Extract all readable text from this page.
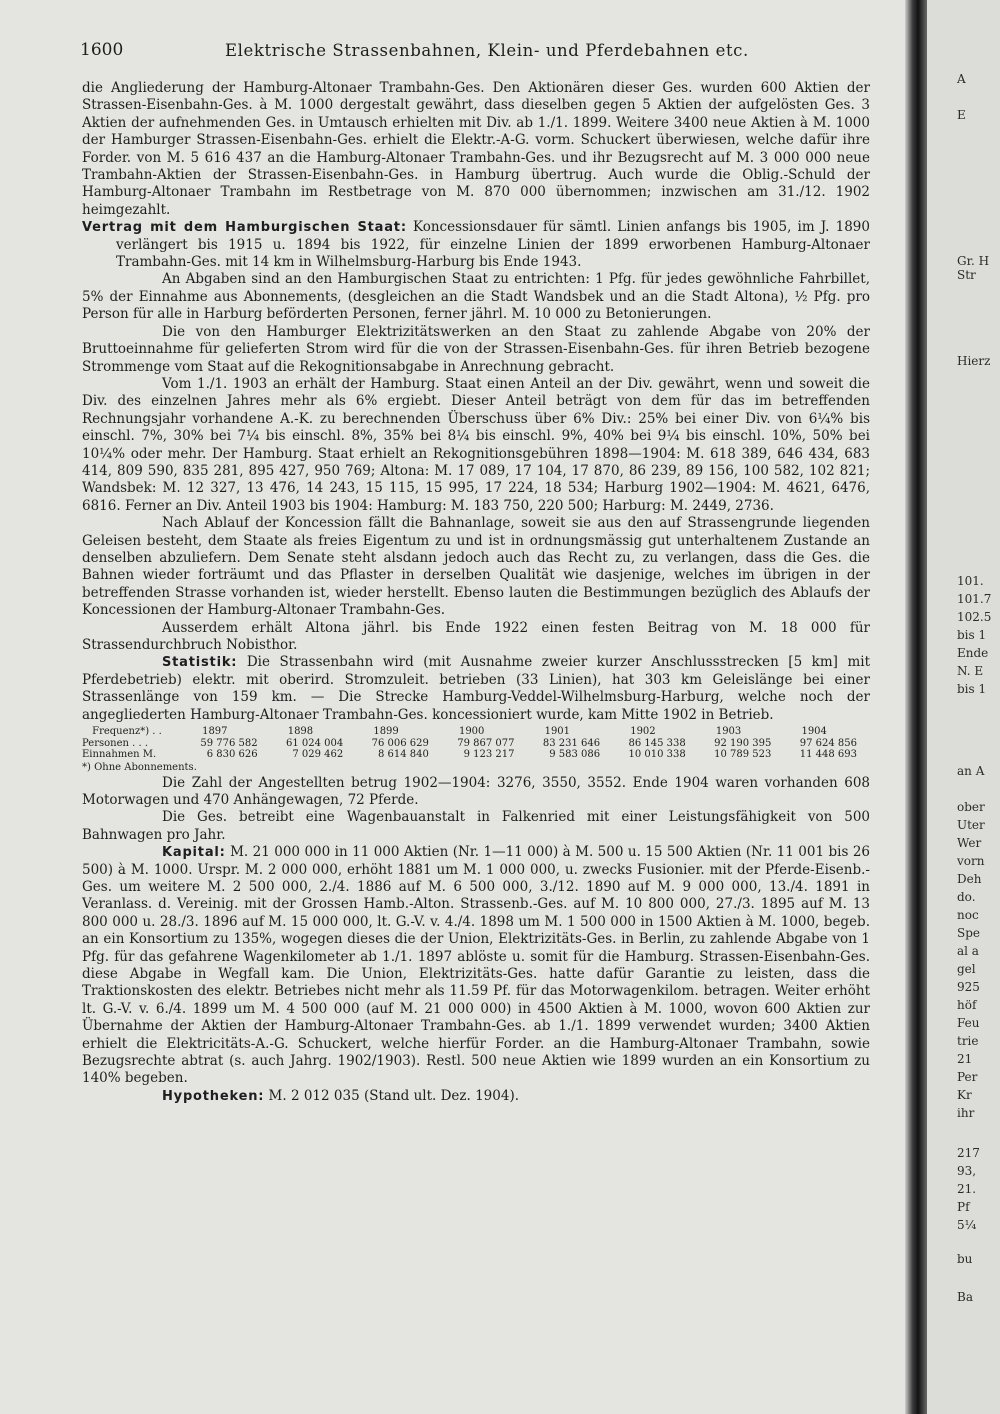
1600	Elektrische Strassenbahnen, Klein- und Pferdebahnen etc.

die Angliederung der Hamburg-Altonaer Trambahn-Ges. Den Aktionären dieser Ges. wurden 600 Aktien der Strassen-Eisenbahn-Ges. à M. 1000 dergestalt gewährt, dass dieselben gegen 5 Aktien der aufgelösten Ges. 3 Aktien der aufnehmenden Ges. in Umtausch erhielten mit Div. ab 1./1. 1899. Weitere 3400 neue Aktien à M. 1000 der Hamburger Strassen-Eisenbahn-Ges. erhielt die Elektr.-A-G. vorm. Schuckert überwiesen, welche dafür ihre Forder. von M. 5 616 437 an die Hamburg-Altonaer Trambahn-Ges. und ihr Bezugsrecht auf M. 3 000 000 neue Trambahn-Aktien der Strassen-Eisenbahn-Ges. in Hamburg übertrug. Auch wurde die Oblig.-Schuld der Hamburg-Altonaer Trambahn im Restbetrage von M. 870 000 übernommen; inzwischen am 31./12. 1902 heimgezahlt.

Vertrag mit dem Hamburgischen Staat: Koncessionsdauer für sämtl. Linien anfangs bis 1905, im J. 1890 verlängert bis 1915 u. 1894 bis 1922, für einzelne Linien der 1899 erworbenen Hamburg-Altonaer Trambahn-Ges. mit 14 km in Wilhelmsburg-Harburg bis Ende 1943.

An Abgaben sind an den Hamburgischen Staat zu entrichten: 1 Pfg. für jedes gewöhnliche Fahrbillet, 5% der Einnahme aus Abonnements, (desgleichen an die Stadt Wandsbek und an die Stadt Altona), ½ Pfg. pro Person für alle in Harburg beförderten Personen, ferner jährl. M. 10 000 zu Betonierungen.

Die von den Hamburger Elektrizitätswerken an den Staat zu zahlende Abgabe von 20% der Bruttoeinnahme für gelieferten Strom wird für die von der Strassen-Eisenbahn-Ges. für ihren Betrieb bezogene Strommenge vom Staat auf die Rekognitionsabgabe in Anrechnung gebracht.

Vom 1./1. 1903 an erhält der Hamburg. Staat einen Anteil an der Div. gewährt, wenn und soweit die Div. des einzelnen Jahres mehr als 6% ergiebt. Dieser Anteil beträgt von dem für das im betreffenden Rechnungsjahr vorhandene A.-K. zu berechnenden Überschuss über 6% Div.: 25% bei einer Div. von 6¼% bis einschl. 7%, 30% bei 7¼ bis einschl. 8%, 35% bei 8¼ bis einschl. 9%, 40% bei 9¼ bis einschl. 10%, 50% bei 10¼% oder mehr. Der Hamburg. Staat erhielt an Rekognitionsgebühren 1898—1904: M. 618 389, 646 434, 683 414, 809 590, 835 281, 895 427, 950 769; Altona: M. 17 089, 17 104, 17 870, 86 239, 89 156, 100 582, 102 821; Wandsbek: M. 12 327, 13 476, 14 243, 15 115, 15 995, 17 224, 18 534; Harburg 1902—1904: M. 4621, 6476, 6816. Ferner an Div. Anteil 1903 bis 1904: Hamburg: M. 183 750, 220 500; Harburg: M. 2449, 2736.

Nach Ablauf der Koncession fällt die Bahnanlage, soweit sie aus den auf Strassengrunde liegenden Geleisen besteht, dem Staate als freies Eigentum zu und ist in ordnungsmässig gut unterhaltenem Zustande an denselben abzuliefern. Dem Senate steht alsdann jedoch auch das Recht zu, zu verlangen, dass die Ges. die Bahnen wieder forträumt und das Pflaster in derselben Qualität wie dasjenige, welches im übrigen in der betreffenden Strasse vorhanden ist, wieder herstellt. Ebenso lauten die Bestimmungen bezüglich des Ablaufs der Koncessionen der Hamburg-Altonaer Trambahn-Ges.

Ausserdem erhält Altona jährl. bis Ende 1922 einen festen Beitrag von M. 18 000 für Strassendurchbruch Nobisthor.

Statistik: Die Strassenbahn wird (mit Ausnahme zweier kurzer Anschlussstrecken [5 km] mit Pferdebetrieb) elektr. mit oberird. Stromzuleit. betrieben (33 Linien), hat 303 km Geleislänge bei einer Strassenlänge von 159 km. — Die Strecke Hamburg-Veddel-Wilhelmsburg-Harburg, welche noch der angegliederten Hamburg-Altonaer Trambahn-Ges. koncessioniert wurde, kam Mitte 1902 in Betrieb.

Frequenz*) . .	1897	1898	1899	1900	1901	1902	1903	1904
Personen . . .	59 776 582	61 024 004	76 006 629	79 867 077	83 231 646	86 145 338	92 190 395	97 624 856
Einnahmen M.	6 830 626	7 029 462	8 614 840	9 123 217	9 583 086	10 010 338	10 789 523	11 448 693
*) Ohne Abonnements.

Die Zahl der Angestellten betrug 1902—1904: 3276, 3550, 3552. Ende 1904 waren vorhanden 608 Motorwagen und 470 Anhängewagen, 72 Pferde.

Die Ges. betreibt eine Wagenbauanstalt in Falkenried mit einer Leistungsfähigkeit von 500 Bahnwagen pro Jahr.

Kapital: M. 21 000 000 in 11 000 Aktien (Nr. 1—11 000) à M. 500 u. 15 500 Aktien (Nr. 11 001 bis 26 500) à M. 1000. Urspr. M. 2 000 000, erhöht 1881 um M. 1 000 000, u. zwecks Fusionier. mit der Pferde-Eisenb.-Ges. um weitere M. 2 500 000, 2./4. 1886 auf M. 6 500 000, 3./12. 1890 auf M. 9 000 000, 13./4. 1891 in Veranlass. d. Vereinig. mit der Grossen Hamb.-Alton. Strassenb.-Ges. auf M. 10 800 000, 27./3. 1895 auf M. 13 800 000 u. 28./3. 1896 auf M. 15 000 000, lt. G.-V. v. 4./4. 1898 um M. 1 500 000 in 1500 Aktien à M. 1000, begeb. an ein Konsortium zu 135%, wogegen dieses die der Union, Elektrizitäts-Ges. in Berlin, zu zahlende Abgabe von 1 Pfg. für das gefahrene Wagenkilometer ab 1./1. 1897 ablöste u. somit für die Hamburg. Strassen-Eisenbahn-Ges. diese Abgabe in Wegfall kam. Die Union, Elektrizitäts-Ges. hatte dafür Garantie zu leisten, dass die Traktionskosten des elektr. Betriebes nicht mehr als 11.59 Pf. für das Motorwagenkilom. betragen. Weiter erhöht lt. G.-V. v. 6./4. 1899 um M. 4 500 000 (auf M. 21 000 000) in 4500 Aktien à M. 1000, wovon 600 Aktien zur Übernahme der Aktien der Hamburg-Altonaer Trambahn-Ges. ab 1./1. 1899 verwendet wurden; 3400 Aktien erhielt die Elektricitäts-A.-G. Schuckert, welche hierfür Forder. an die Hamburg-Altonaer Trambahn, sowie Bezugsrechte abtrat (s. auch Jahrg. 1902/1903). Restl. 500 neue Aktien wie 1899 wurden an ein Konsortium zu 140% begeben.

Hypotheken: M. 2 012 035 (Stand ult. Dez. 1904).

A
E
Gr. H
Str
Hierz
101.
101.7
102.5
bis 1
Ende
N. E
bis 1
an A
ober
Uter
Wer
vorn
Deh
do.
noc
Spe
al a
gel
925
höf
Feu
trie
21
Per
Kr
ihr
217
93,
21.
Pf
5¼
bu
Ba
